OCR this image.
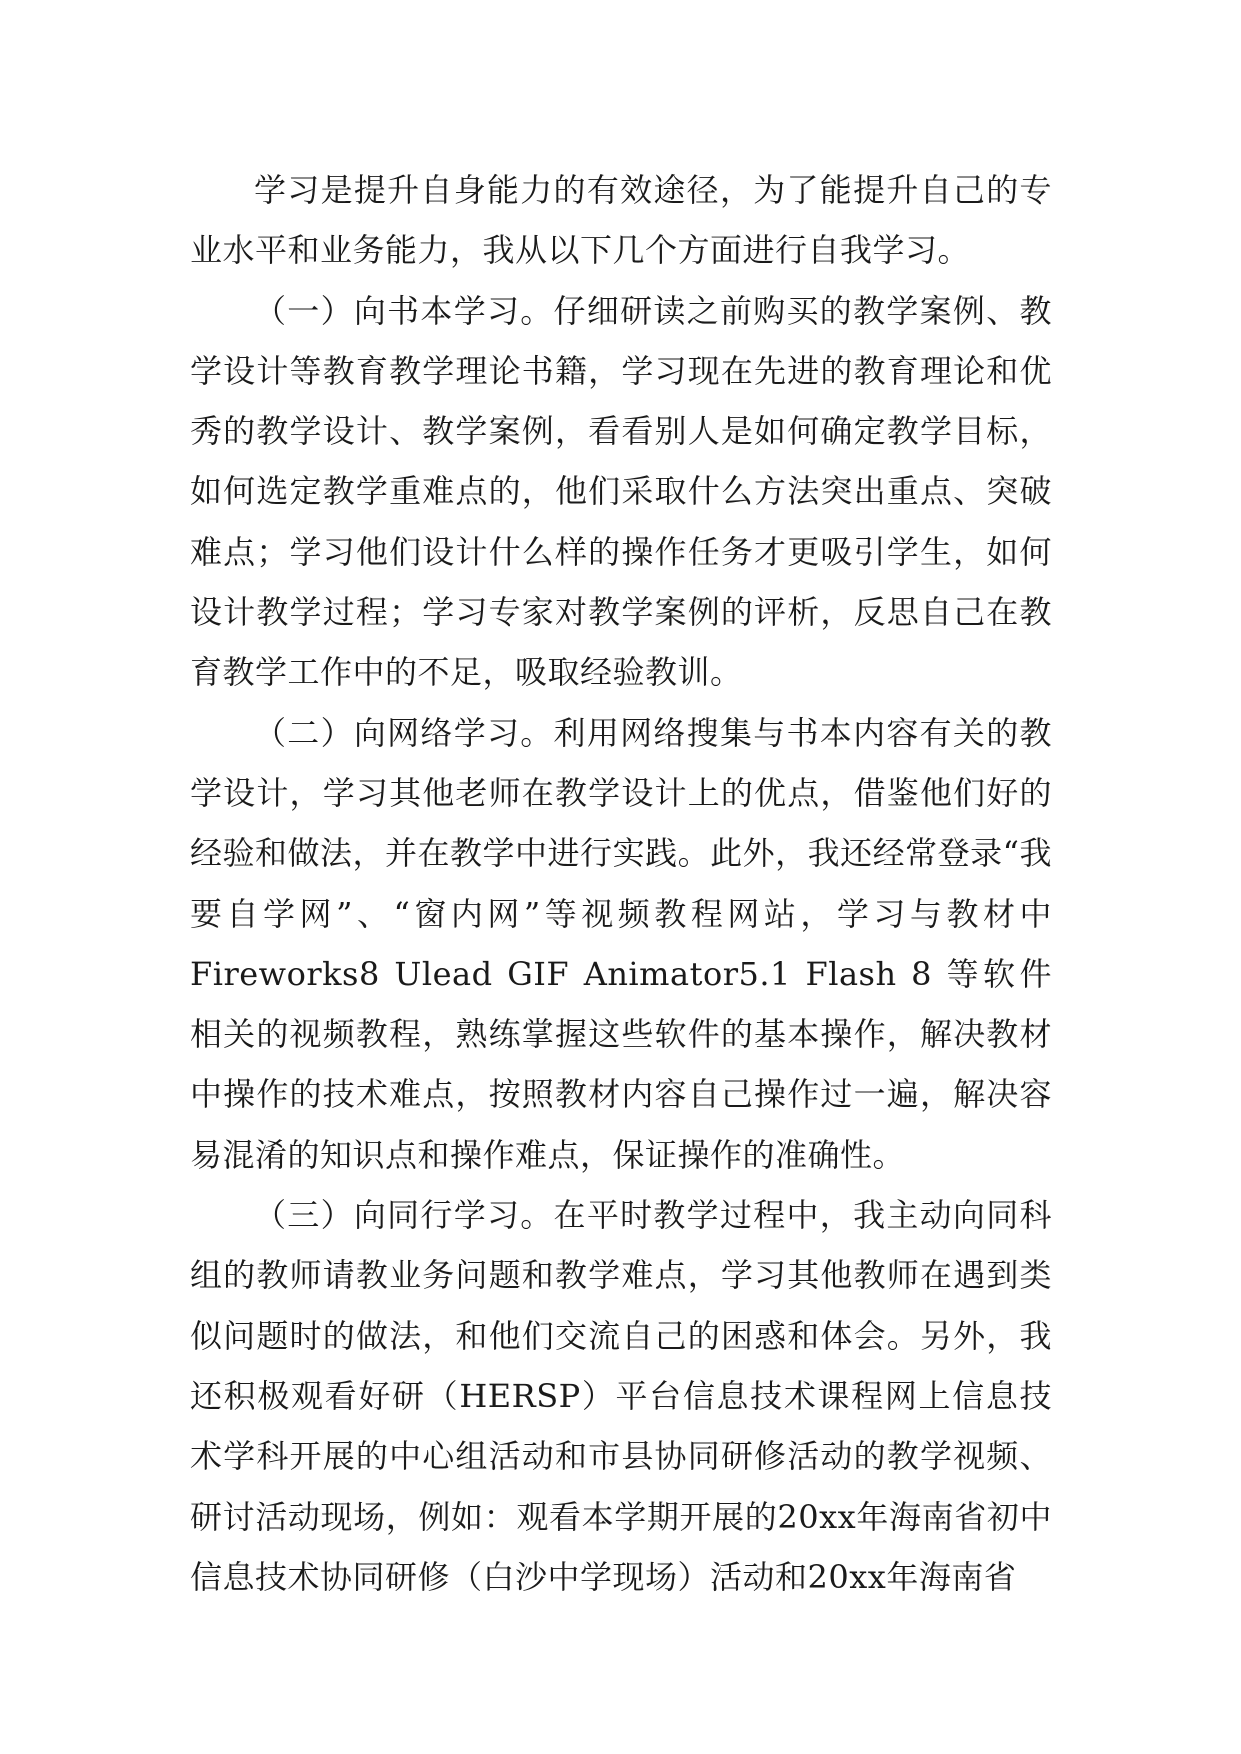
学习是提升自身能力的有效途径，为了能提升自己的专业水平和业务能力，我从以下几个方面进行自我学习。

（一）向书本学习。仔细研读之前购买的教学案例、教学设计等教育教学理论书籍，学习现在先进的教育理论和优秀的教学设计、教学案例，看看别人是如何确定教学目标，如何选定教学重难点的，他们采取什么方法突出重点、突破难点；学习他们设计什么样的操作任务才更吸引学生，如何设计教学过程；学习专家对教学案例的评析，反思自己在教育教学工作中的不足，吸取经验教训。

（二）向网络学习。利用网络搜集与书本内容有关的教学设计，学习其他老师在教学设计上的优点，借鉴他们好的经验和做法，并在教学中进行实践。此外，我还经常登录“我要自学网”、“窗内网”等视频教程网站，学习与教材中Fireworks8 Ulead GIF Animator5.1 Flash 8 等软件相关的视频教程，熟练掌握这些软件的基本操作，解决教材中操作的技术难点，按照教材内容自己操作过一遍，解决容易混淆的知识点和操作难点，保证操作的准确性。

（三）向同行学习。在平时教学过程中，我主动向同科组的教师请教业务问题和教学难点，学习其他教师在遇到类似问题时的做法，和他们交流自己的困惑和体会。另外，我还积极观看好研（HERSP）平台信息技术课程网上信息技术学科开展的中心组活动和市县协同研修活动的教学视频、研讨活动现场，例如：观看本学期开展的20xx年海南省初中信息技术协同研修（白沙中学现场）活动和20xx年海南省
